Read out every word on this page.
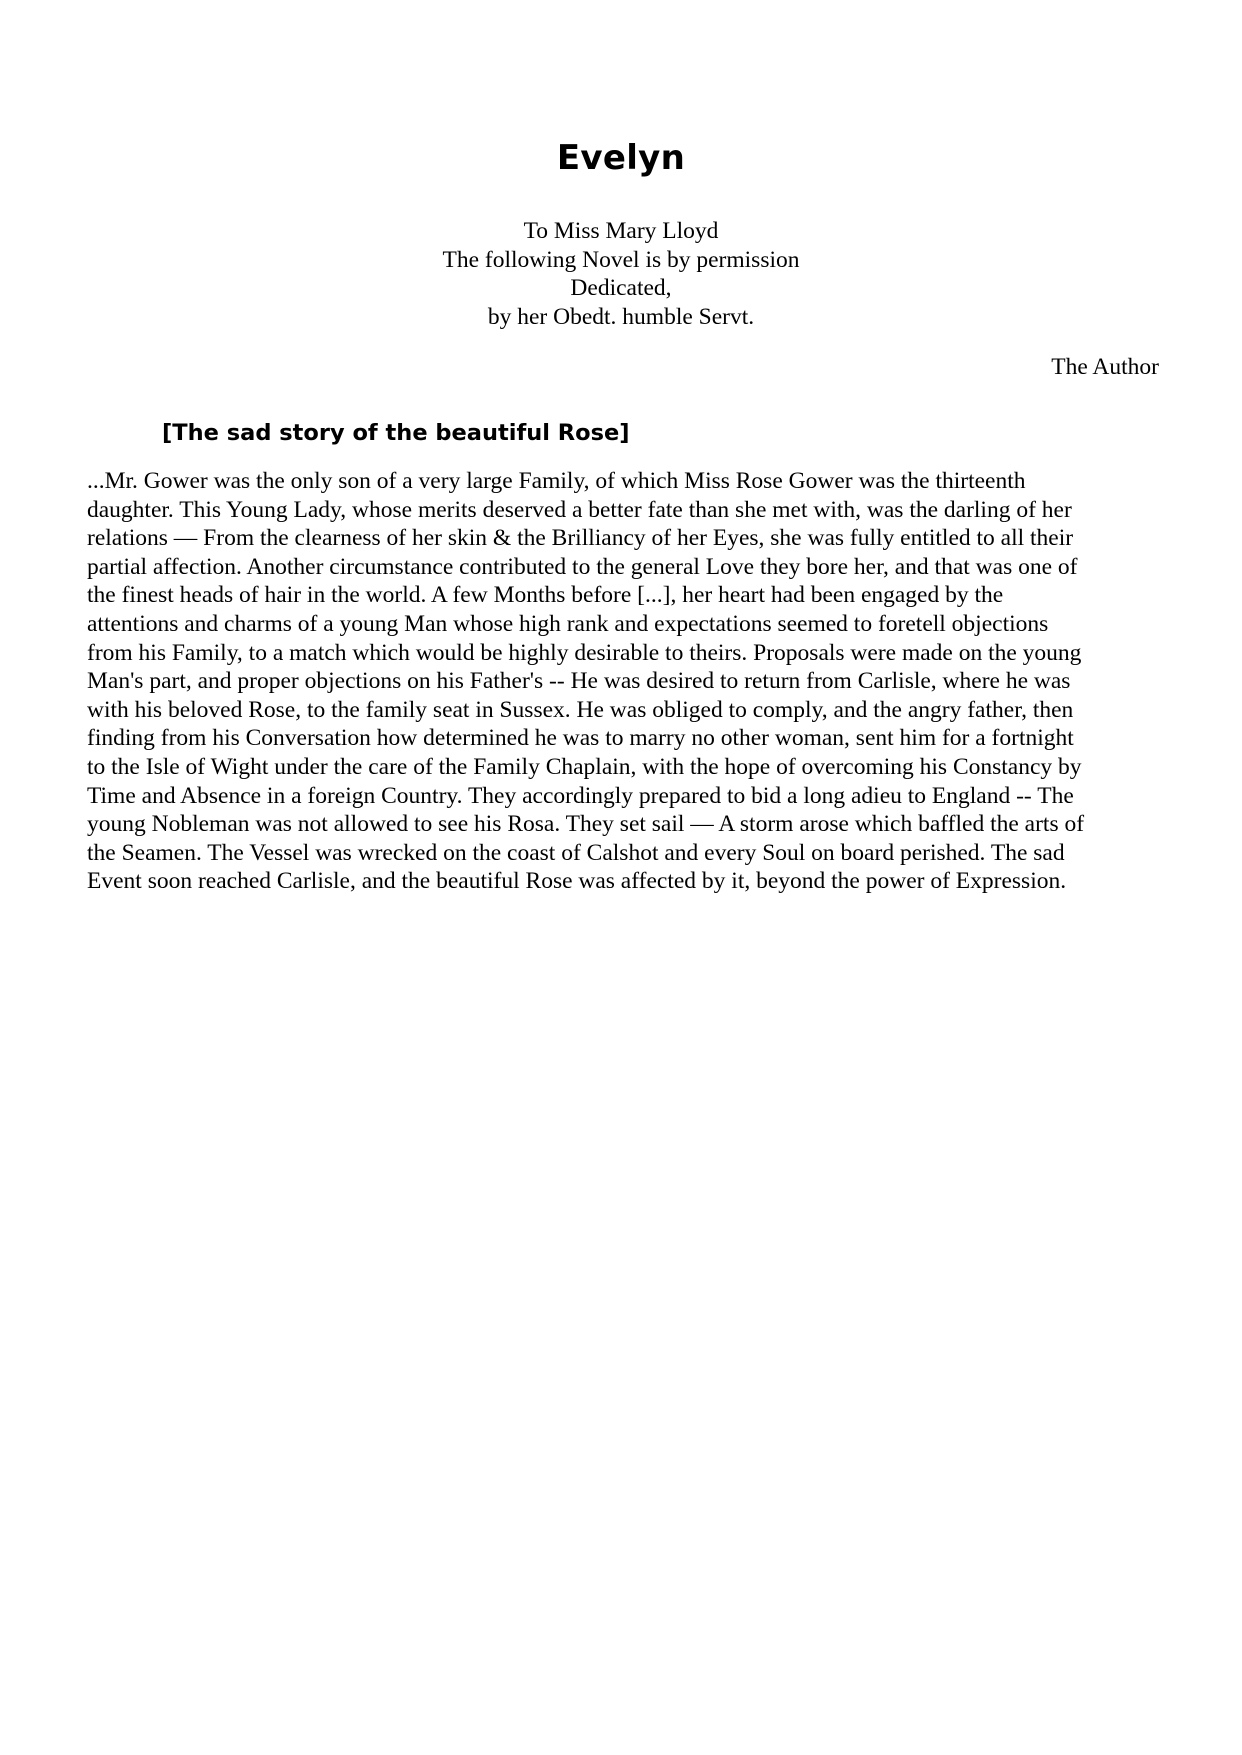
Evelyn
To Miss Mary Lloyd
The following Novel is by permission
Dedicated,
by her Obedt. humble Servt.
The Author
[The sad story of the beautiful Rose]
...Mr. Gower was the only son of a very large Family, of which Miss Rose Gower was the thirteenth
daughter. This Young Lady, whose merits deserved a better fate than she met with, was the darling of her
relations — From the clearness of her skin & the Brilliancy of her Eyes, she was fully entitled to all their
partial affection. Another circumstance contributed to the general Love they bore her, and that was one of
the finest heads of hair in the world. A few Months before [...], her heart had been engaged by the
attentions and charms of a young Man whose high rank and expectations seemed to foretell objections
from his Family, to a match which would be highly desirable to theirs. Proposals were made on the young
Man's part, and proper objections on his Father's -- He was desired to return from Carlisle, where he was
with his beloved Rose, to the family seat in Sussex. He was obliged to comply, and the angry father, then
finding from his Conversation how determined he was to marry no other woman, sent him for a fortnight
to the Isle of Wight under the care of the Family Chaplain, with the hope of overcoming his Constancy by
Time and Absence in a foreign Country. They accordingly prepared to bid a long adieu to England -- The
young Nobleman was not allowed to see his Rosa. They set sail — A storm arose which baffled the arts of
the Seamen. The Vessel was wrecked on the coast of Calshot and every Soul on board perished. The sad
Event soon reached Carlisle, and the beautiful Rose was affected by it, beyond the power of Expression.
